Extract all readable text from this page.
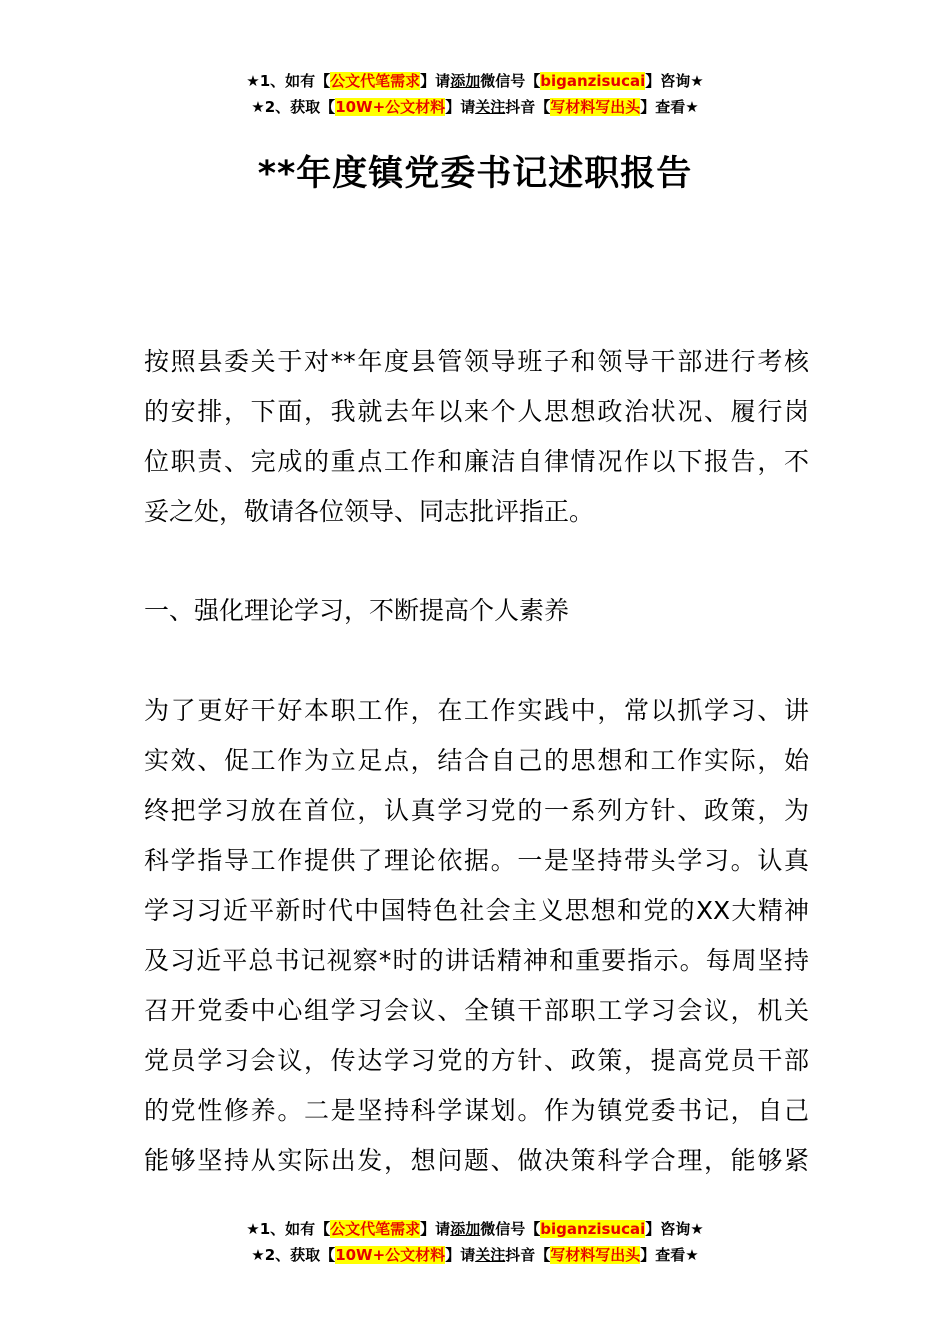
★1、如有【公文代笔需求】请添加微信号【biganzisucai】咨询★
★2、获取【10W+公文材料】请关注抖音【写材料写出头】查看★
**年度镇党委书记述职报告
按照县委关于对**年度县管领导班子和领导干部进行考核
的安排，下面，我就去年以来个人思想政治状况、履行岗
位职责、完成的重点工作和廉洁自律情况作以下报告，不
妥之处，敬请各位领导、同志批评指正。
一、强化理论学习，不断提高个人素养
为了更好干好本职工作，在工作实践中，常以抓学习、讲
实效、促工作为立足点，结合自己的思想和工作实际，始
终把学习放在首位，认真学习党的一系列方针、政策，为
科学指导工作提供了理论依据。一是坚持带头学习。认真
学习习近平新时代中国特色社会主义思想和党的XX大精神
及习近平总书记视察*时的讲话精神和重要指示。每周坚持
召开党委中心组学习会议、全镇干部职工学习会议，机关
党员学习会议，传达学习党的方针、政策，提高党员干部
的党性修养。二是坚持科学谋划。作为镇党委书记，自己
能够坚持从实际出发，想问题、做决策科学合理，能够紧
★1、如有【公文代笔需求】请添加微信号【biganzisucai】咨询★
★2、获取【10W+公文材料】请关注抖音【写材料写出头】查看★
